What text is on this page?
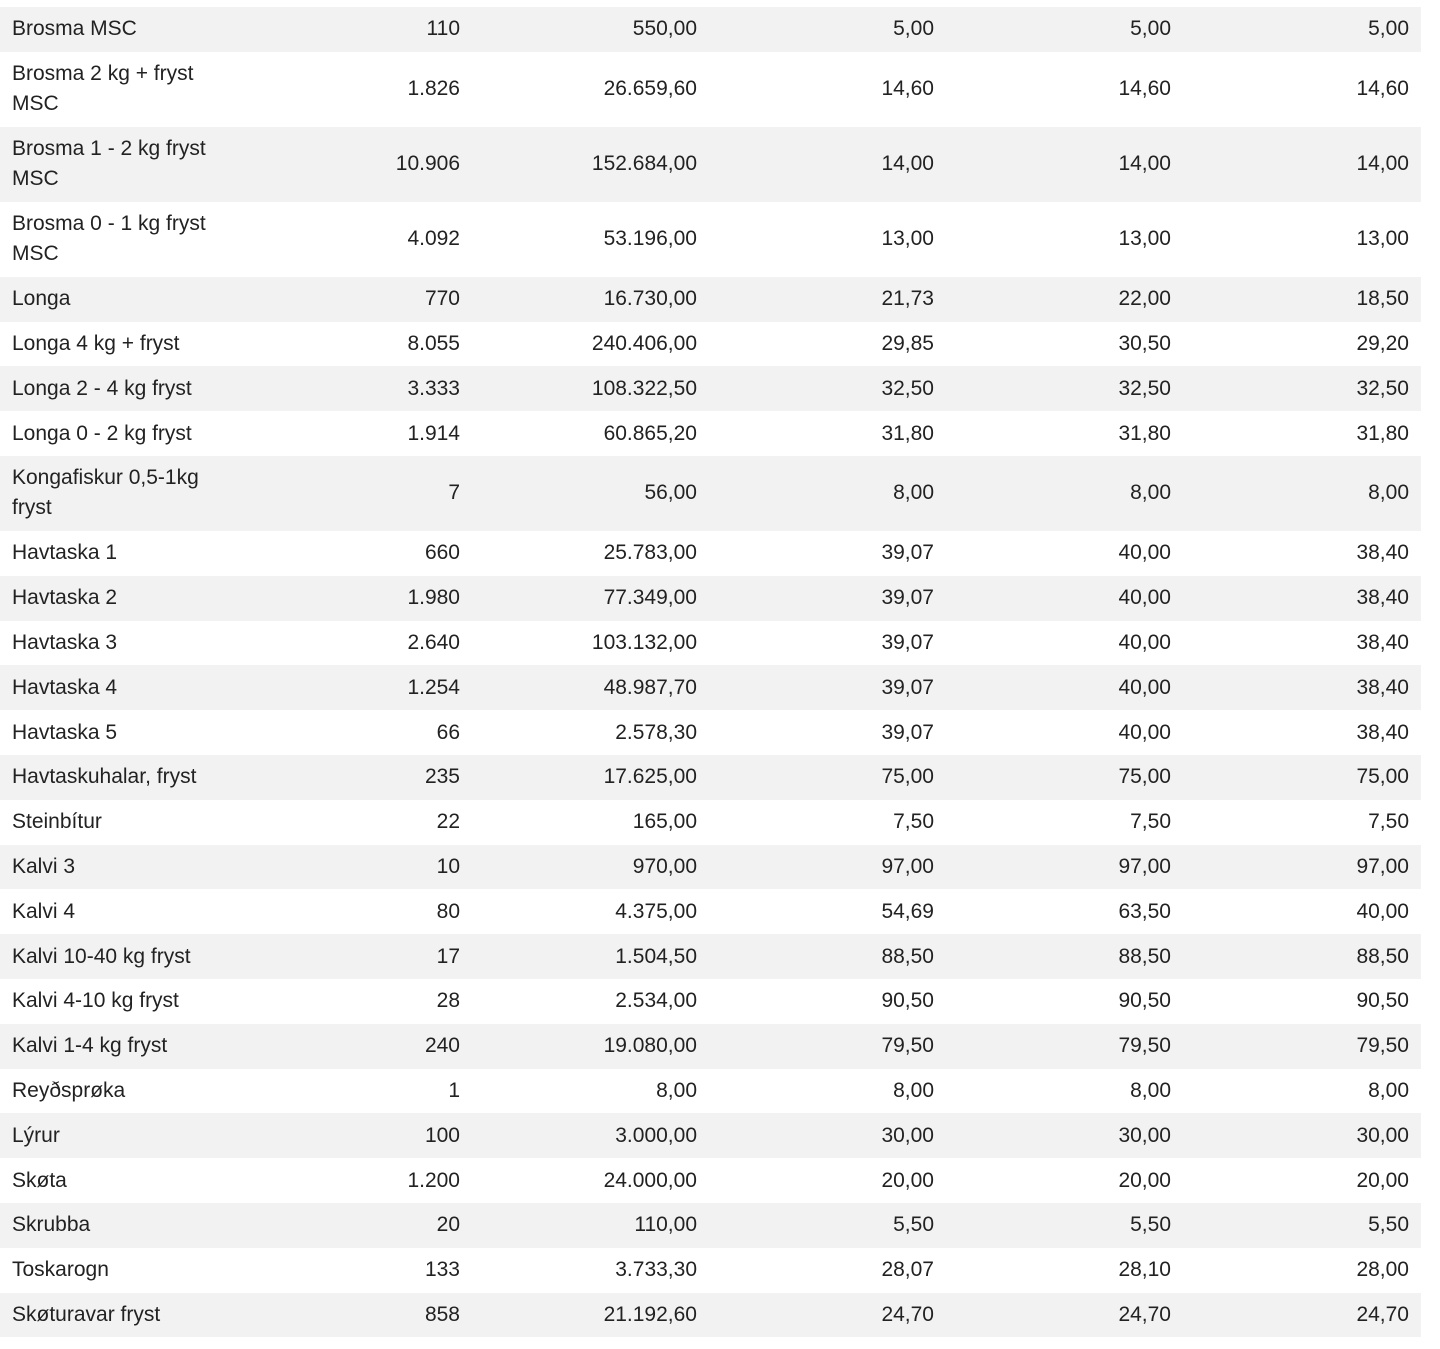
Brosma MSC	110	550,00	5,00	5,00	5,00
Brosma 2 kg + fryst MSC	1.826	26.659,60	14,60	14,60	14,60
Brosma 1 - 2 kg fryst MSC	10.906	152.684,00	14,00	14,00	14,00
Brosma 0 - 1 kg fryst MSC	4.092	53.196,00	13,00	13,00	13,00
Longa	770	16.730,00	21,73	22,00	18,50
Longa 4 kg + fryst	8.055	240.406,00	29,85	30,50	29,20
Longa 2 - 4 kg fryst	3.333	108.322,50	32,50	32,50	32,50
Longa 0 - 2 kg fryst	1.914	60.865,20	31,80	31,80	31,80
Kongafiskur 0,5-1kg fryst	7	56,00	8,00	8,00	8,00
Havtaska 1	660	25.783,00	39,07	40,00	38,40
Havtaska 2	1.980	77.349,00	39,07	40,00	38,40
Havtaska 3	2.640	103.132,00	39,07	40,00	38,40
Havtaska 4	1.254	48.987,70	39,07	40,00	38,40
Havtaska 5	66	2.578,30	39,07	40,00	38,40
Havtaskuhalar, fryst	235	17.625,00	75,00	75,00	75,00
Steinbítur	22	165,00	7,50	7,50	7,50
Kalvi 3	10	970,00	97,00	97,00	97,00
Kalvi 4	80	4.375,00	54,69	63,50	40,00
Kalvi 10-40 kg fryst	17	1.504,50	88,50	88,50	88,50
Kalvi 4-10 kg fryst	28	2.534,00	90,50	90,50	90,50
Kalvi 1-4 kg fryst	240	19.080,00	79,50	79,50	79,50
Reyðsprøka	1	8,00	8,00	8,00	8,00
Lýrur	100	3.000,00	30,00	30,00	30,00
Skøta	1.200	24.000,00	20,00	20,00	20,00
Skrubba	20	110,00	5,50	5,50	5,50
Toskarogn	133	3.733,30	28,07	28,10	28,00
Skøturavar fryst	858	21.192,60	24,70	24,70	24,70
